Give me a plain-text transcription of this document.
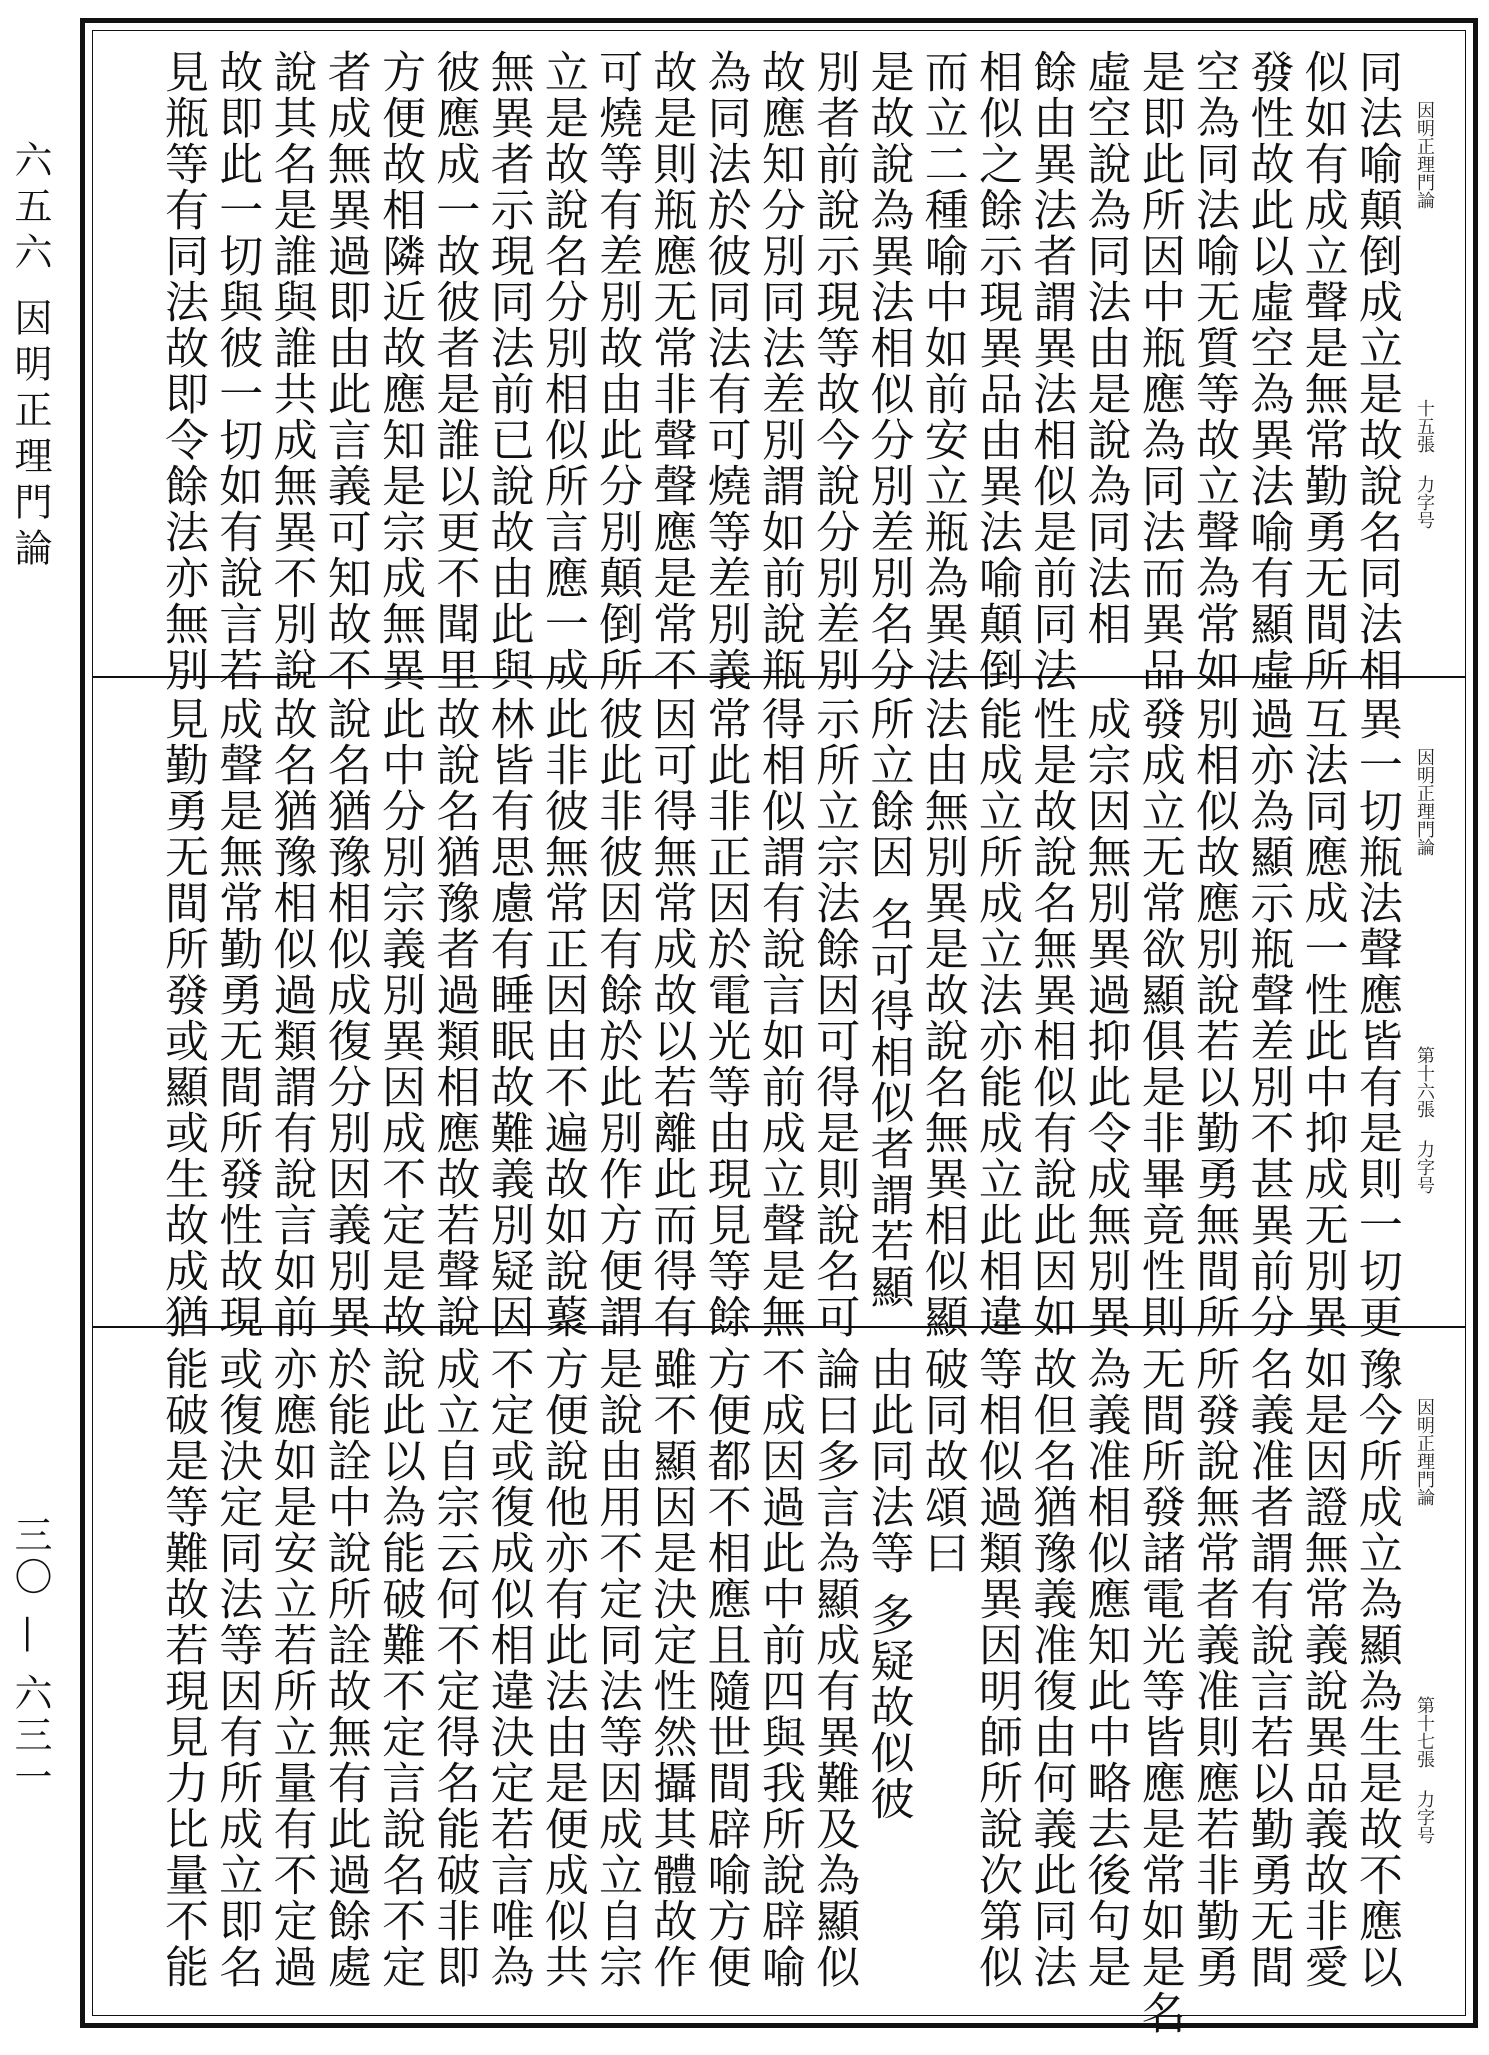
六五六 因明正理門論
三〇 — 六三一
因明正理門論
十五張
力字号
同法喻顛倒成立是故說名同法相
似如有成立聲是無常勤勇无間所
發性故此以虛空為異法喻有顯虛
空為同法喻无質等故立聲為常如
是即此所因中瓶應為同法而異品
虛空說為同法由是說為同法相
餘由異法者謂異法相似是前同法
相似之餘示現異品由異法喻顛倒
而立二種喻中如前安立瓶為異法
是故說為異法相似分別差別名分
別者前說示現等故今說分別差別
故應知分別同法差別謂如前說瓶
為同法於彼同法有可燒等差別義
故是則瓶應无常非聲聲應是常不
可燒等有差別故由此分別顛倒所
立是故說名分別相似所言應一成
無異者示現同法前已說故由此與
彼應成一故彼者是誰以更不聞里
方便故相隣近故應知是宗成無異
者成無異過即由此言義可知故不
說其名是誰與誰共成無異不別說
故即此一切與彼一切如有說言若
見瓶等有同法故即令餘法亦無別
因明正理門論
第十六張
力字号
異一切瓶法聲應皆有是則一切更
互法同應成一性此中抑成无別異
過亦為顯示瓶聲差別不甚異前分
別相似故應別說若以勤勇無間所
發成立无常欲顯俱是非畢竟性則
成宗因無別異過抑此令成無別異
性是故說名無異相似有說此因如
能成立所成立法亦能成立此相違
法由無別異是故說名無異相似顯
所立餘因 名可得相似者謂若顯
示所立宗法餘因可得是則說名可
得相似謂有說言如前成立聲是無
常此非正因於電光等由現見等餘
因可得無常成故以若離此而得有
彼此非彼因有餘於此別作方便謂
此非彼無常正因由不遍故如說藂
林皆有思慮有睡眠故難義別疑因
故說名猶豫者過類相應故若聲說
此中分別宗義別異因成不定是故
說名猶豫相似成復分別因義別異
故名猶豫相似過類謂有說言如前
成聲是無常勤勇无間所發性故現
見勤勇无間所發或顯或生故成猶
因明正理門論
第十七張
力字号
豫今所成立為顯為生是故不應以
如是因證無常義說異品義故非愛
名義准者謂有說言若以勤勇无間
所發說無常者義准則應若非勤勇
无間所發諸電光等皆應是常如是名
為義准相似應知此中略去後句是
故但名猶豫義准復由何義此同法
等相似過類異因明師所說次第似
破同故頌曰
由此同法等 多疑故似彼
論曰多言為顯成有異難及為顯似
不成因過此中前四與我所說辟喻
方便都不相應且隨世間辟喻方便
雖不顯因是決定性然攝其體故作
是說由用不定同法等因成立自宗
方便說他亦有此法由是便成似共
不定或復成似相違決定若言唯為
成立自宗云何不定得名能破非即
說此以為能破難不定言說名不定
於能詮中說所詮故無有此過餘處
亦應如是安立若所立量有不定過
或復決定同法等因有所成立即名
能破是等難故若現見力比量不能
